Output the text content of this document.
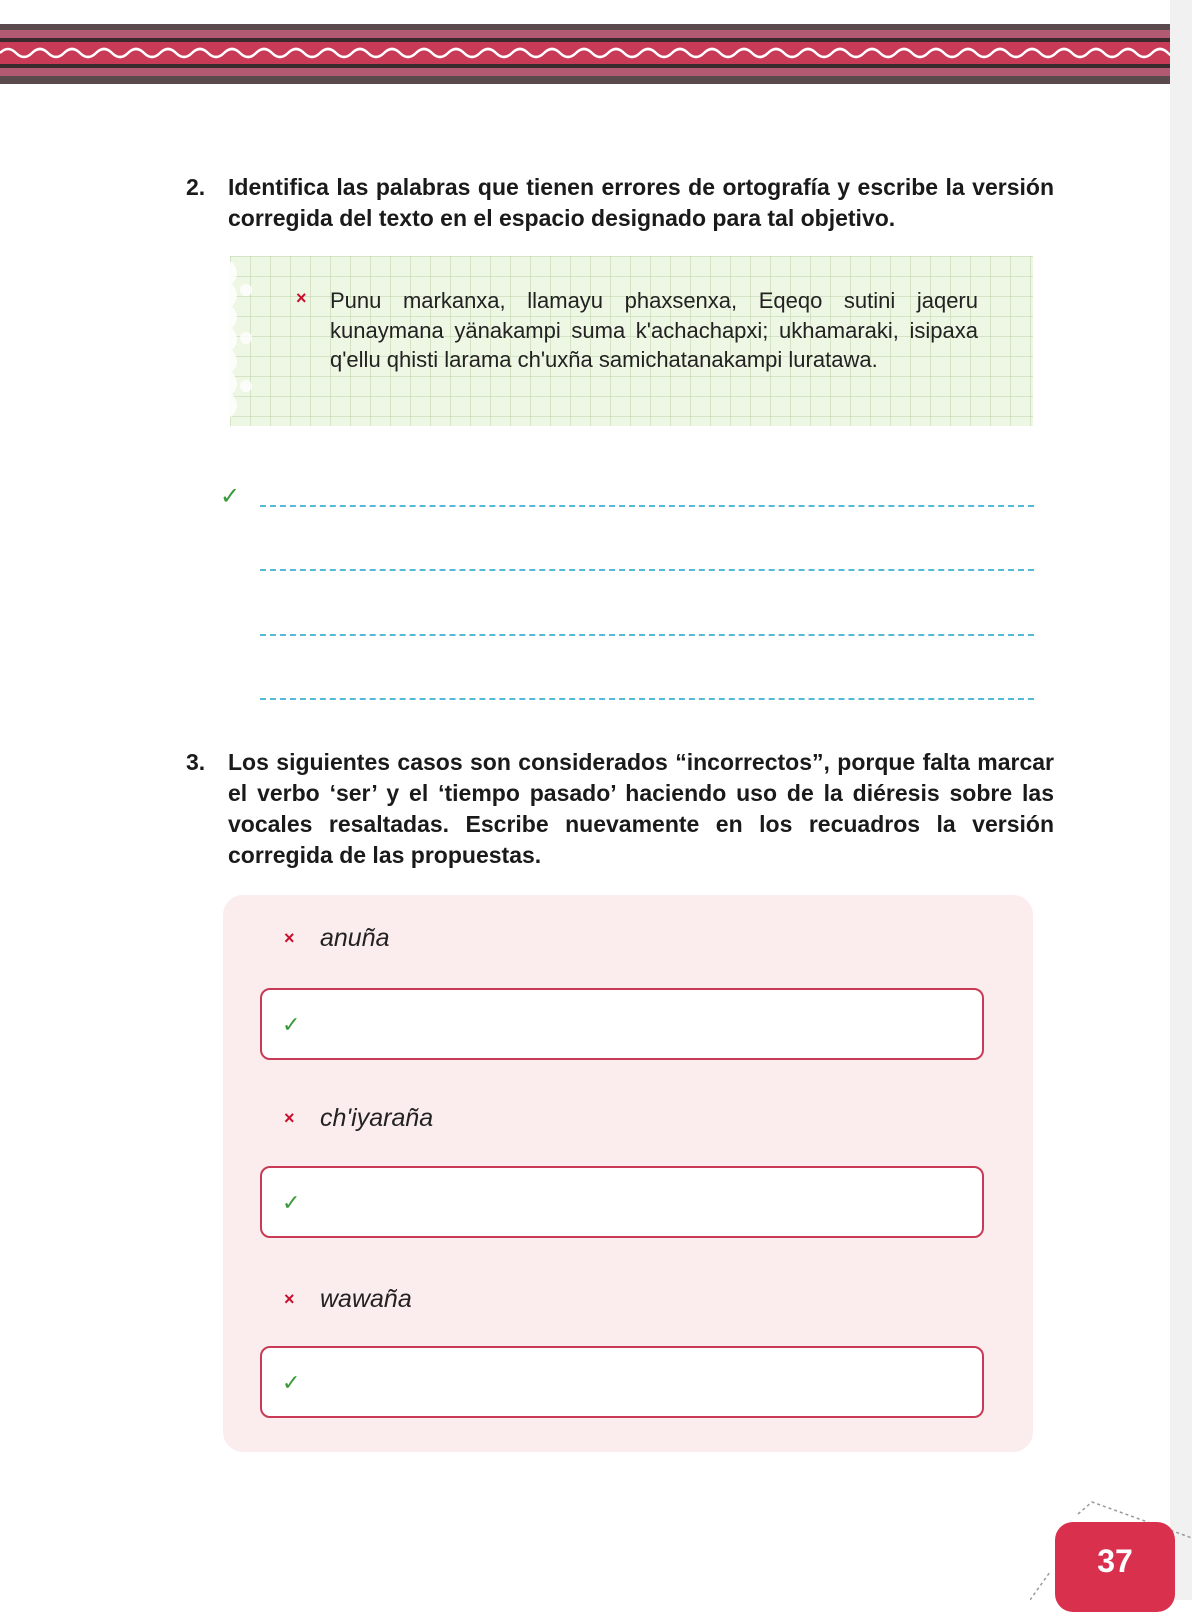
2. Identifica las palabras que tienen errores de ortografía y escribe la versión corregida del texto en el espacio designado para tal objetivo.
× Punu markanxa, llamayu phaxsenxa, Eqeqo sutini jaqeru kunaymana yänakampi suma k'achachapxi; ukhamaraki, isipaxa q'ellu qhisti larama ch'uxña samichatanakampi luratawa.
✓
3. Los siguientes casos son considerados “incorrectos”, porque falta marcar el verbo ‘ser’ y el ‘tiempo pasado’ haciendo uso de la diéresis sobre las vocales resaltadas. Escribe nuevamente en los recuadros la versión corregida de las propuestas.
× anuña
✓
× ch'iyaraña
✓
× wawaña
✓
37
